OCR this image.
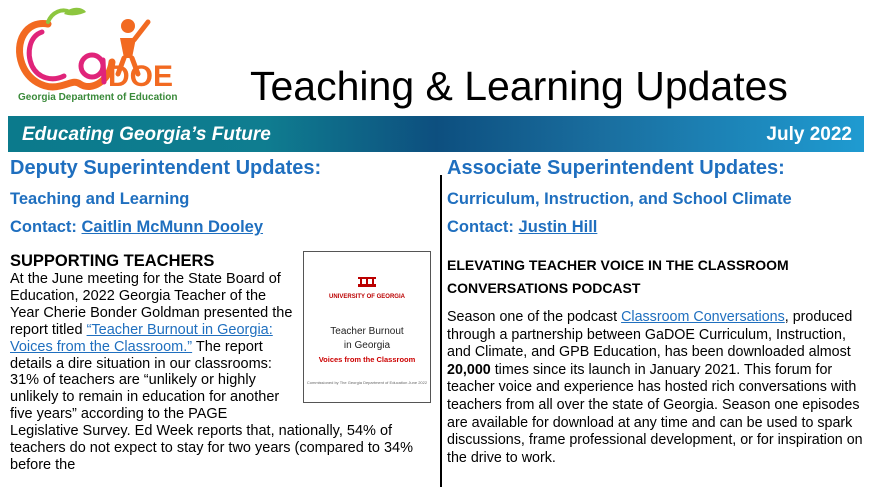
DOE
Georgia Department of Education	Teaching & Learning Updates
Educating Georgia’s Future	July 2022
Deputy Superintendent Updates:
Teaching and Learning
Contact: Caitlin McMunn Dooley
SUPPORTING TEACHERS
UNIVERSITY OF GEORGIA
Teacher Burnout
in Georgia
Voices from the Classroom
Commissioned by The Georgia Department of Education June 2022
At the June meeting for the State Board of Education, 2022 Georgia Teacher of the Year Cherie Bonder Goldman presented the report titled “Teacher Burnout in Georgia: Voices from the Classroom.” The report details a dire situation in our classrooms: 31% of teachers are “unlikely or highly unlikely to remain in education for another five years” according to the PAGE Legislative Survey. Ed Week reports that, nationally, 54% of teachers do not expect to stay for two years (compared to 34% before the
Associate Superintendent Updates:
Curriculum, Instruction, and School Climate
Contact: Justin Hill
ELEVATING TEACHER VOICE IN THE CLASSROOM CONVERSATIONS PODCAST
Season one of the podcast Classroom Conversations, produced through a partnership between GaDOE Curriculum, Instruction, and Climate, and GPB Education, has been downloaded almost 20,000 times since its launch in January 2021. This forum for teacher voice and experience has hosted rich conversations with teachers from all over the state of Georgia. Season one episodes are available for download at any time and can be used to spark discussions, frame professional development, or for inspiration on the drive to work.
